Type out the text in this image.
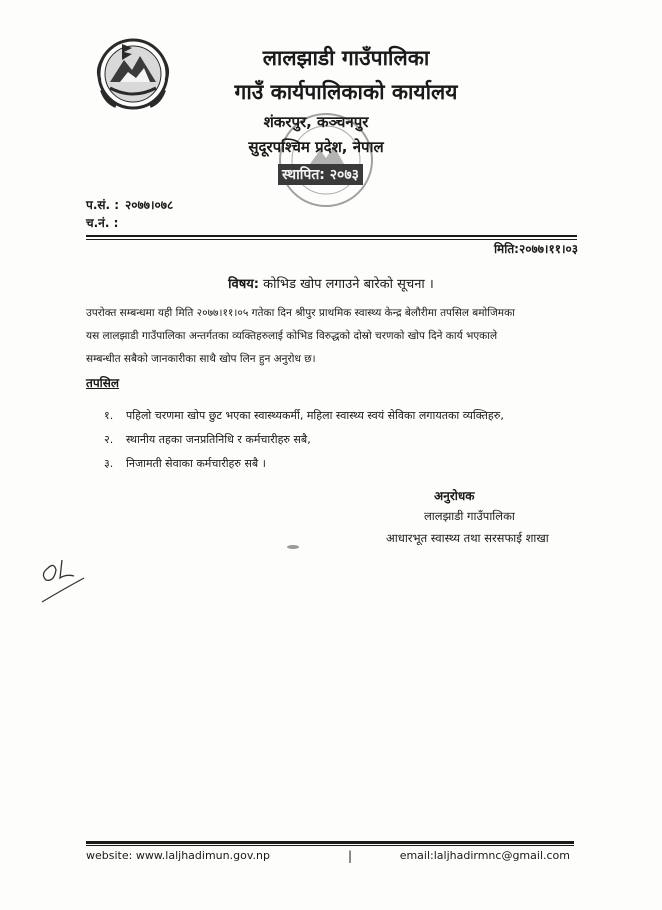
लालझाडी गाउँपालिका
गाउँ कार्यपालिकाको कार्यालय
शंकरपुर, कञ्चनपुर
सुदूरपश्चिम प्रदेश, नेपाल
स्थापित: २०७३
प.सं. : २०७७।०७८
च.नं. :
मिति:२०७७।११।०३
विषय: कोभिड खोप लगाउने बारेको सूचना ।
उपरोक्त सम्बन्धमा यही मिति २०७७।११।०५ गतेका दिन श्रीपुर प्राथमिक स्वास्थ्य केन्द्र बेलौरीमा तपसिल बमोजिमका
यस लालझाडी गाउँपालिका अन्तर्गतका व्यक्तिहरुलाई कोभिड विरुद्धको दोस्रो चरणको खोप दिने कार्य भएकाले
सम्बन्धीत सबैको जानकारीका साथै खोप लिन हुन अनुरोध छ।
तपसिल
१. पहिलो चरणमा खोप छुट भएका स्वास्थ्यकर्मी, महिला स्वास्थ्य स्वयं सेविका लगायतका व्यक्तिहरु,
२. स्थानीय तहका जनप्रतिनिधि र कर्मचारीहरु सबै,
३. निजामती सेवाका कर्मचारीहरु सबै ।
अनुरोधक
लालझाडी गाउँपालिका
आधारभूत स्वास्थ्य तथा सरसफाई शाखा
website: www.laljhadimun.gov.np	|	email:laljhadirmnc@gmail.com
